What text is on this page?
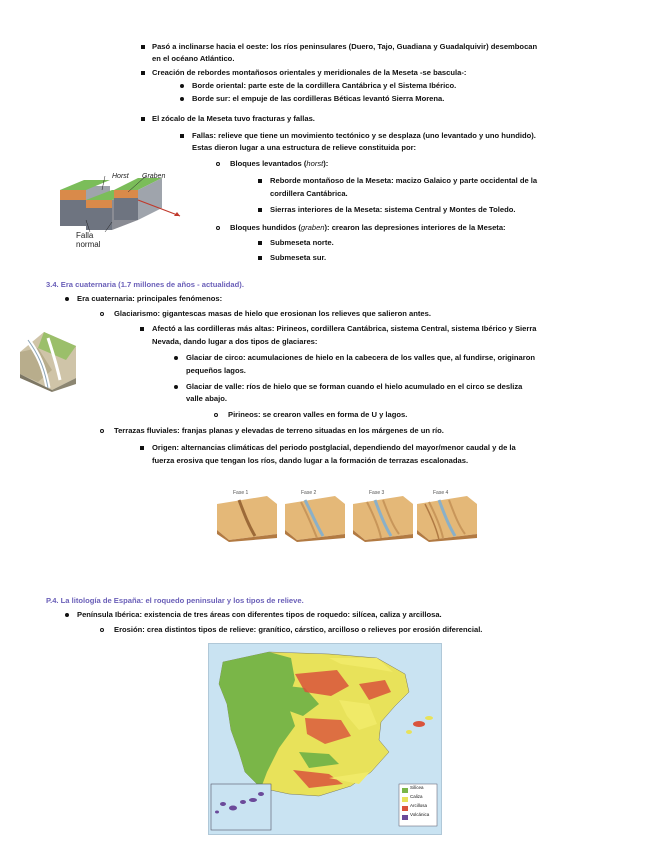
Pasó a inclinarse hacia el oeste: los ríos peninsulares (Duero, Tajo, Guadiana y Guadalquivir) desembocan
en el océano Atlántico.
Creación de rebordes montañosos orientales y meridionales de la Meseta -se bascula-:
Borde oriental: parte este de la cordillera Cantábrica y el Sistema Ibérico.
Borde sur: el empuje de las cordilleras Béticas levantó Sierra Morena.
El zócalo de la Meseta tuvo fracturas y fallas.
Fallas: relieve que tiene un movimiento tectónico y se desplaza (uno levantado y uno hundido).
Estas dieron lugar a una estructura de relieve constituida por:
Bloques levantados (horst):
Reborde montañoso de la Meseta: macizo Galaico y parte occidental de la
cordillera Cantábrica.
Sierras interiores de la Meseta: sistema Central y Montes de Toledo.
Bloques hundidos (graben): crearon las depresiones interiores de la Meseta:
Submeseta norte.
Submeseta sur.
Horst Graben
Falla
normal
3.4. Era cuaternaria (1.7 millones de años - actualidad).
Era cuaternaria: principales fenómenos:
Glaciarismo: gigantescas masas de hielo que erosionan los relieves que salieron antes.
Afectó a las cordilleras más altas: Pirineos, cordillera Cantábrica, sistema Central, sistema Ibérico y Sierra
Nevada, dando lugar a dos tipos de glaciares:
Glaciar de circo: acumulaciones de hielo en la cabecera de los valles que, al fundirse, originaron
pequeños lagos.
Glaciar de valle: ríos de hielo que se forman cuando el hielo acumulado en el circo se desliza
valle abajo.
Pirineos: se crearon valles en forma de U y lagos.
Terrazas fluviales: franjas planas y elevadas de terreno situadas en los márgenes de un río.
Origen: alternancias climáticas del periodo postglacial, dependiendo del mayor/menor caudal y de la
fuerza erosiva que tengan los ríos, dando lugar a la formación de terrazas escalonadas.
Fase 1	Fase 2	Fase 3	Fase 4
P.4. La litología de España: el roquedo peninsular y los tipos de relieve.
Península Ibérica: existencia de tres áreas con diferentes tipos de roquedo: silícea, caliza y arcillosa.
Erosión: crea distintos tipos de relieve: granítico, cárstico, arcilloso o relieves por erosión diferencial.
Silícea
Caliza
Arcillosa
Volcánica
